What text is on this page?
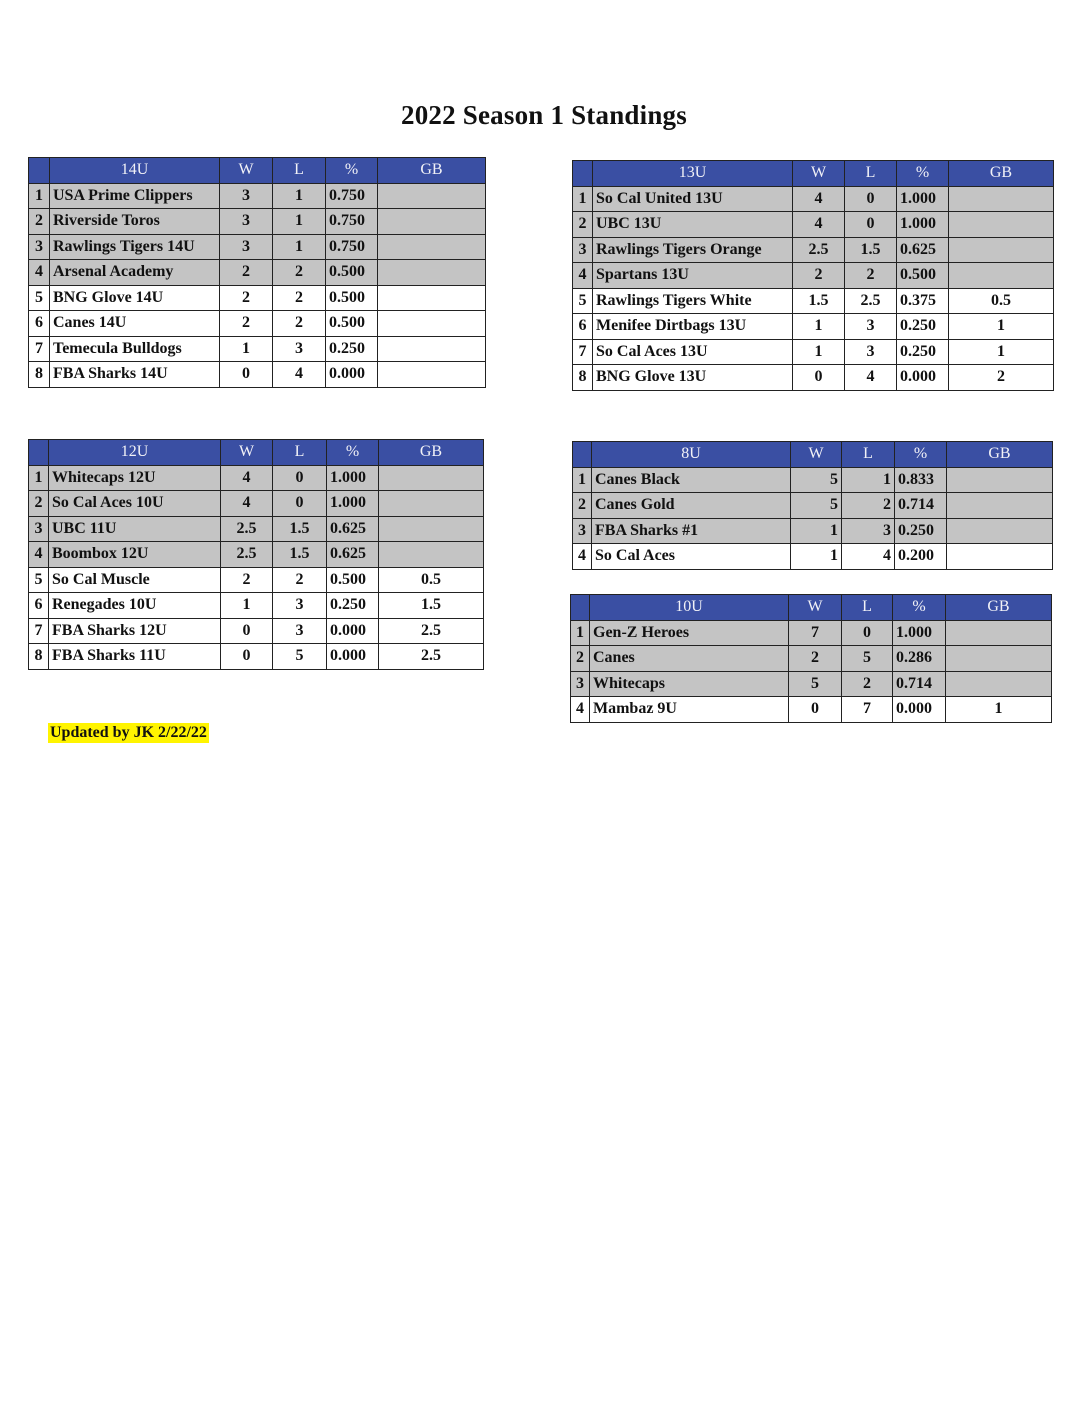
2022 Season 1 Standings
	14U	W	L	%	GB
1	USA Prime Clippers	3	1	0.750	
2	Riverside Toros	3	1	0.750	
3	Rawlings Tigers 14U	3	1	0.750	
4	Arsenal Academy	2	2	0.500	
5	BNG Glove 14U	2	2	0.500	
6	Canes 14U	2	2	0.500	
7	Temecula Bulldogs	1	3	0.250	
8	FBA Sharks 14U	0	4	0.000	
	13U	W	L	%	GB
1	So Cal United 13U	4	0	1.000	
2	UBC 13U	4	0	1.000	
3	Rawlings Tigers Orange	2.5	1.5	0.625	
4	Spartans 13U	2	2	0.500	
5	Rawlings Tigers White	1.5	2.5	0.375	0.5
6	Menifee Dirtbags 13U	1	3	0.250	1
7	So Cal Aces 13U	1	3	0.250	1
8	BNG Glove 13U	0	4	0.000	2
	12U	W	L	%	GB
1	Whitecaps 12U	4	0	1.000	
2	So Cal Aces 10U	4	0	1.000	
3	UBC 11U	2.5	1.5	0.625	
4	Boombox 12U	2.5	1.5	0.625	
5	So Cal Muscle	2	2	0.500	0.5
6	Renegades 10U	1	3	0.250	1.5
7	FBA Sharks 12U	0	3	0.000	2.5
8	FBA Sharks 11U	0	5	0.000	2.5
	8U	W	L	%	GB
1	Canes Black	5	1	0.833	
2	Canes Gold	5	2	0.714	
3	FBA Sharks #1	1	3	0.250	
4	So Cal Aces	1	4	0.200	
	10U	W	L	%	GB
1	Gen-Z Heroes	7	0	1.000	
2	Canes	2	5	0.286	
3	Whitecaps	5	2	0.714	
4	Mambaz 9U	0	7	0.000	1
Updated by JK 2/22/22
